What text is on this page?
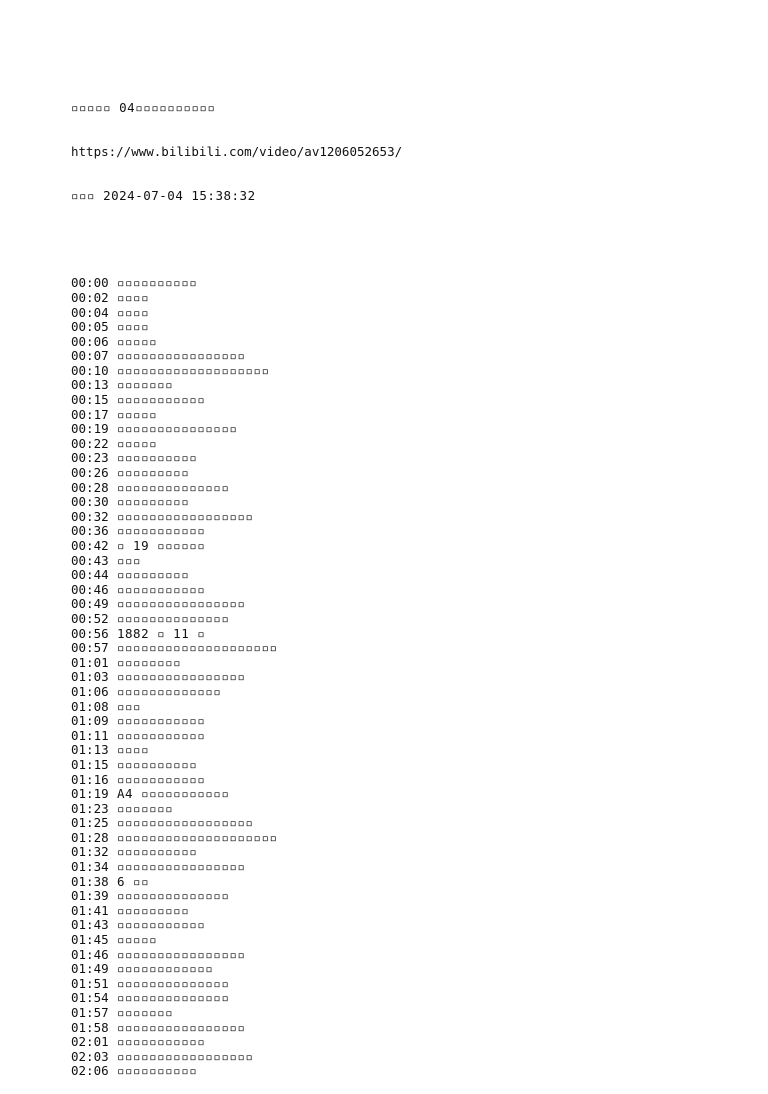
▫▫▫▫▫ 04▫▫▫▫▫▫▫▫▫▫

https://www.bilibili.com/video/av1206052653/

▫▫▫ 2024-07-04 15:38:32

00:00 ▫▫▫▫▫▫▫▫▫▫
00:02 ▫▫▫▫
00:04 ▫▫▫▫
00:05 ▫▫▫▫
00:06 ▫▫▫▫▫
00:07 ▫▫▫▫▫▫▫▫▫▫▫▫▫▫▫▫
00:10 ▫▫▫▫▫▫▫▫▫▫▫▫▫▫▫▫▫▫▫
00:13 ▫▫▫▫▫▫▫
00:15 ▫▫▫▫▫▫▫▫▫▫▫
00:17 ▫▫▫▫▫
00:19 ▫▫▫▫▫▫▫▫▫▫▫▫▫▫▫
00:22 ▫▫▫▫▫
00:23 ▫▫▫▫▫▫▫▫▫▫
00:26 ▫▫▫▫▫▫▫▫▫
00:28 ▫▫▫▫▫▫▫▫▫▫▫▫▫▫
00:30 ▫▫▫▫▫▫▫▫▫
00:32 ▫▫▫▫▫▫▫▫▫▫▫▫▫▫▫▫▫
00:36 ▫▫▫▫▫▫▫▫▫▫▫
00:42 ▫ 19 ▫▫▫▫▫▫
00:43 ▫▫▫
00:44 ▫▫▫▫▫▫▫▫▫
00:46 ▫▫▫▫▫▫▫▫▫▫▫
00:49 ▫▫▫▫▫▫▫▫▫▫▫▫▫▫▫▫
00:52 ▫▫▫▫▫▫▫▫▫▫▫▫▫▫
00:56 1882 ▫ 11 ▫
00:57 ▫▫▫▫▫▫▫▫▫▫▫▫▫▫▫▫▫▫▫▫
01:01 ▫▫▫▫▫▫▫▫
01:03 ▫▫▫▫▫▫▫▫▫▫▫▫▫▫▫▫
01:06 ▫▫▫▫▫▫▫▫▫▫▫▫▫
01:08 ▫▫▫
01:09 ▫▫▫▫▫▫▫▫▫▫▫
01:11 ▫▫▫▫▫▫▫▫▫▫▫
01:13 ▫▫▫▫
01:15 ▫▫▫▫▫▫▫▫▫▫
01:16 ▫▫▫▫▫▫▫▫▫▫▫
01:19 A4 ▫▫▫▫▫▫▫▫▫▫▫
01:23 ▫▫▫▫▫▫▫
01:25 ▫▫▫▫▫▫▫▫▫▫▫▫▫▫▫▫▫
01:28 ▫▫▫▫▫▫▫▫▫▫▫▫▫▫▫▫▫▫▫▫
01:32 ▫▫▫▫▫▫▫▫▫▫
01:34 ▫▫▫▫▫▫▫▫▫▫▫▫▫▫▫▫
01:38 6 ▫▫
01:39 ▫▫▫▫▫▫▫▫▫▫▫▫▫▫
01:41 ▫▫▫▫▫▫▫▫▫
01:43 ▫▫▫▫▫▫▫▫▫▫▫
01:45 ▫▫▫▫▫
01:46 ▫▫▫▫▫▫▫▫▫▫▫▫▫▫▫▫
01:49 ▫▫▫▫▫▫▫▫▫▫▫▫
01:51 ▫▫▫▫▫▫▫▫▫▫▫▫▫▫
01:54 ▫▫▫▫▫▫▫▫▫▫▫▫▫▫
01:57 ▫▫▫▫▫▫▫
01:58 ▫▫▫▫▫▫▫▫▫▫▫▫▫▫▫▫
02:01 ▫▫▫▫▫▫▫▫▫▫▫
02:03 ▫▫▫▫▫▫▫▫▫▫▫▫▫▫▫▫▫
02:06 ▫▫▫▫▫▫▫▫▫▫
